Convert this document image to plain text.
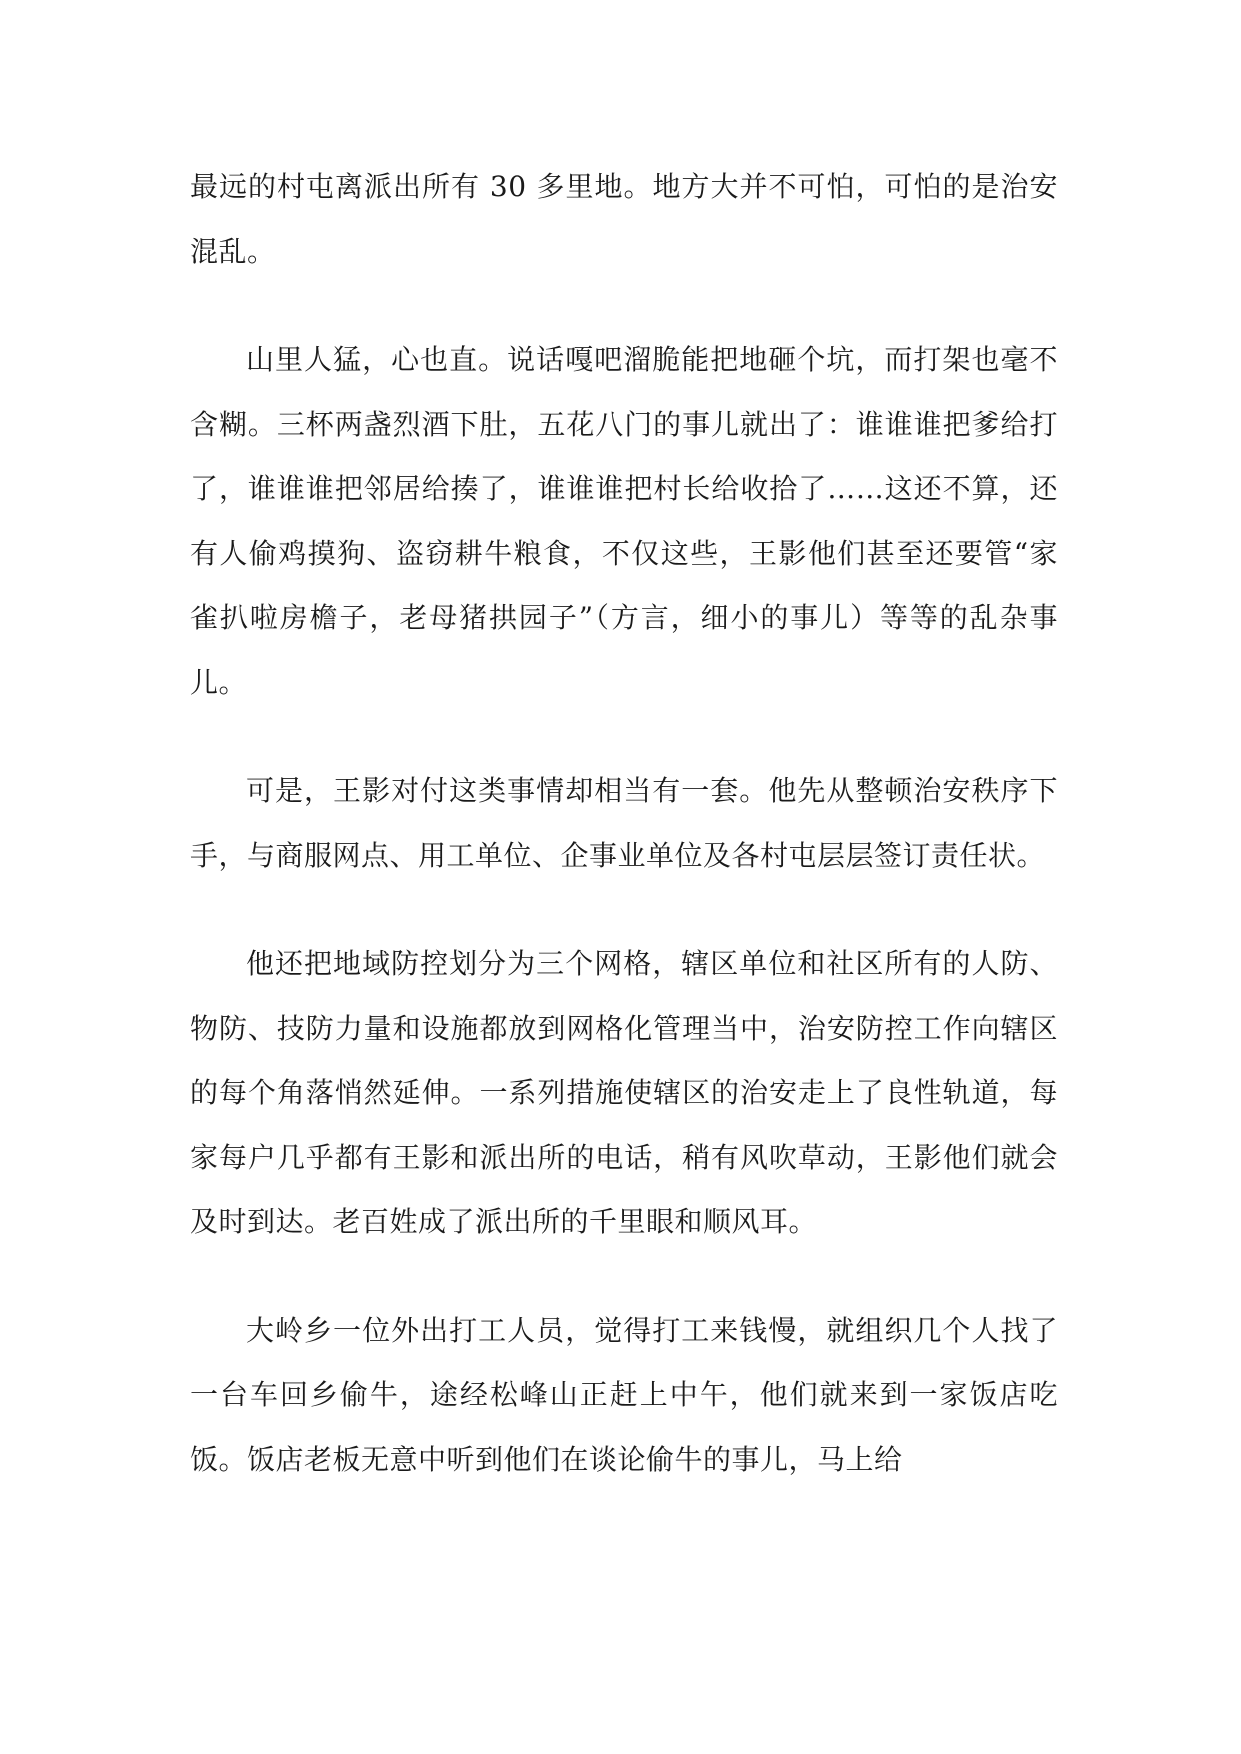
最远的村屯离派出所有 30 多里地。地方大并不可怕，可怕的是治安混乱。

山里人猛，心也直。说话嘎吧溜脆能把地砸个坑，而打架也毫不含糊。三杯两盏烈酒下肚，五花八门的事儿就出了：谁谁谁把爹给打了，谁谁谁把邻居给揍了，谁谁谁把村长给收拾了……这还不算，还有人偷鸡摸狗、盗窃耕牛粮食，不仅这些，王影他们甚至还要管“家雀扒啦房檐子，老母猪拱园子”（方言，细小的事儿）等等的乱杂事儿。

可是，王影对付这类事情却相当有一套。他先从整顿治安秩序下手，与商服网点、用工单位、企事业单位及各村屯层层签订责任状。

他还把地域防控划分为三个网格，辖区单位和社区所有的人防、物防、技防力量和设施都放到网格化管理当中，治安防控工作向辖区的每个角落悄然延伸。一系列措施使辖区的治安走上了良性轨道，每家每户几乎都有王影和派出所的电话，稍有风吹草动，王影他们就会及时到达。老百姓成了派出所的千里眼和顺风耳。

大岭乡一位外出打工人员，觉得打工来钱慢，就组织几个人找了一台车回乡偷牛，途经松峰山正赶上中午，他们就来到一家饭店吃饭。饭店老板无意中听到他们在谈论偷牛的事儿，马上给
